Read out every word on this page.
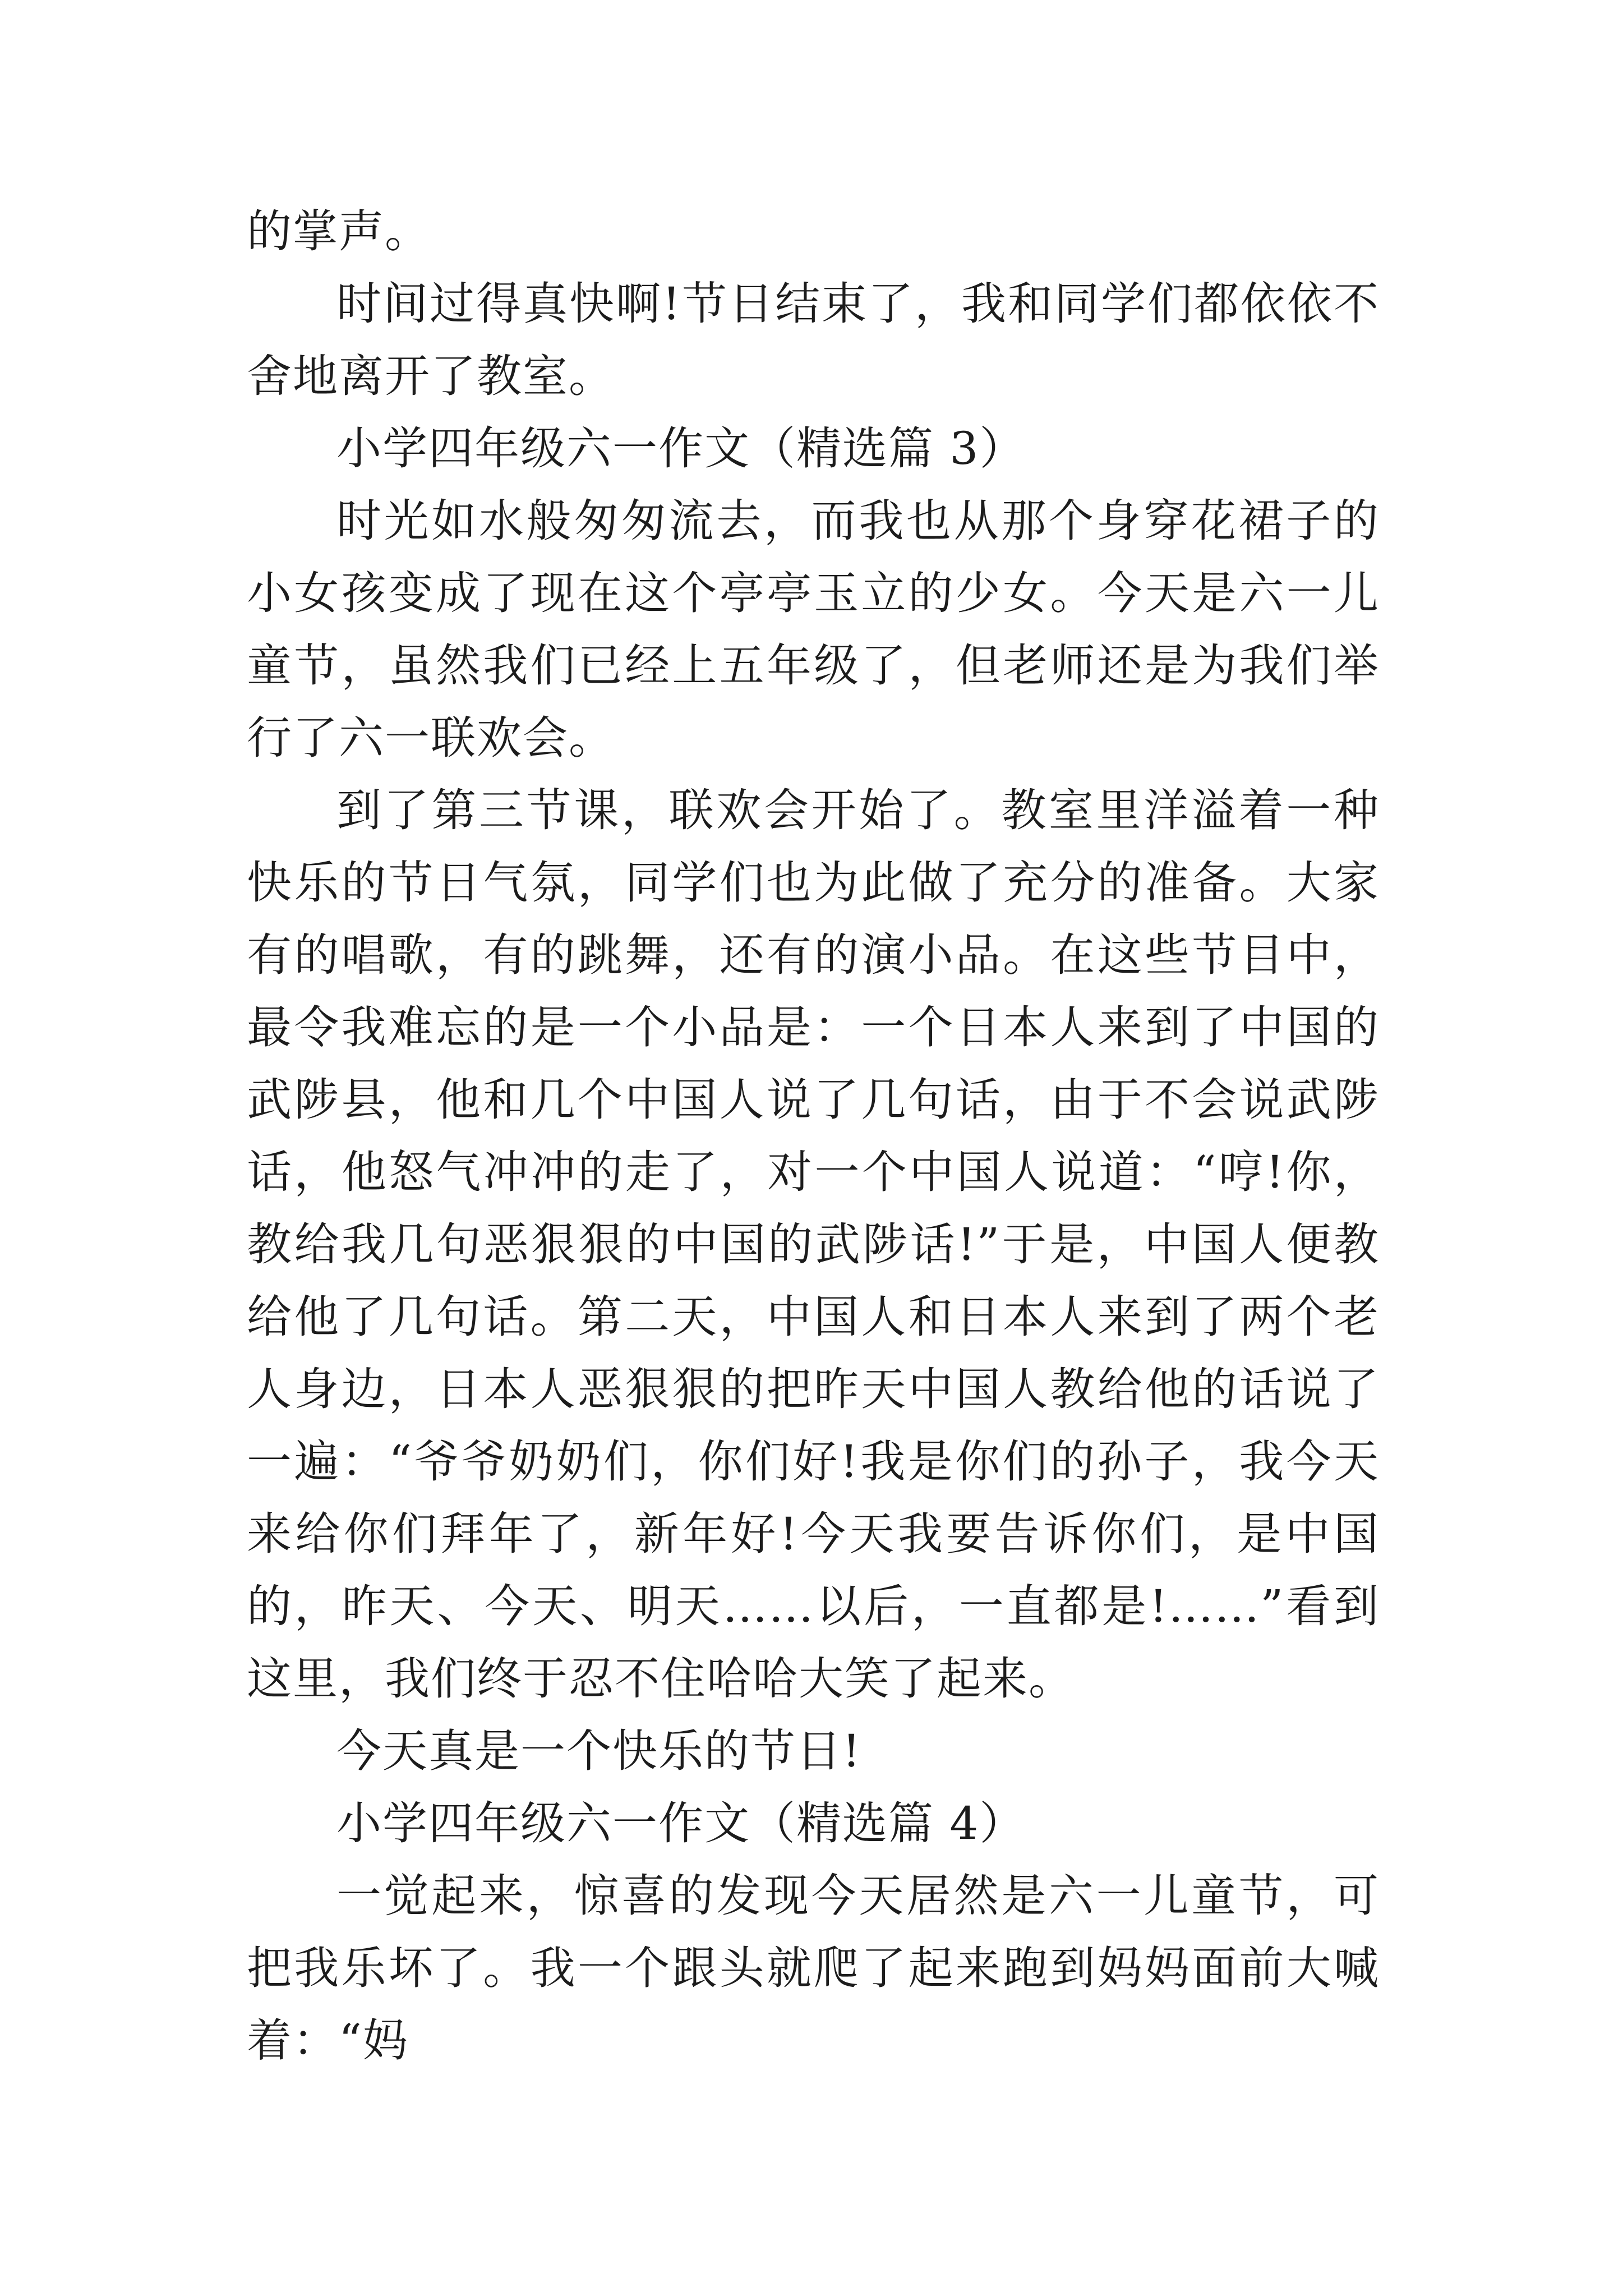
的掌声。

时间过得真快啊!节日结束了，我和同学们都依依不舍地离开了教室。

小学四年级六一作文（精选篇 3）

时光如水般匆匆流去，而我也从那个身穿花裙子的小女孩变成了现在这个亭亭玉立的少女。今天是六一儿童节，虽然我们已经上五年级了，但老师还是为我们举行了六一联欢会。

到了第三节课，联欢会开始了。教室里洋溢着一种快乐的节日气氛，同学们也为此做了充分的准备。大家有的唱歌，有的跳舞，还有的演小品。在这些节目中，最令我难忘的是一个小品是：一个日本人来到了中国的武陟县，他和几个中国人说了几句话，由于不会说武陟话，他怒气冲冲的走了，对一个中国人说道：“哼!你，教给我几句恶狠狠的中国的武陟话!”于是，中国人便教给他了几句话。第二天，中国人和日本人来到了两个老人身边，日本人恶狠狠的把昨天中国人教给他的话说了一遍：“爷爷奶奶们，你们好!我是你们的孙子，我今天来给你们拜年了，新年好!今天我要告诉你们，是中国的，昨天、今天、明天……以后，一直都是!……”看到这里，我们终于忍不住哈哈大笑了起来。

今天真是一个快乐的节日!

小学四年级六一作文（精选篇 4）

一觉起来，惊喜的发现今天居然是六一儿童节，可把我乐坏了。我一个跟头就爬了起来跑到妈妈面前大喊着：“妈
